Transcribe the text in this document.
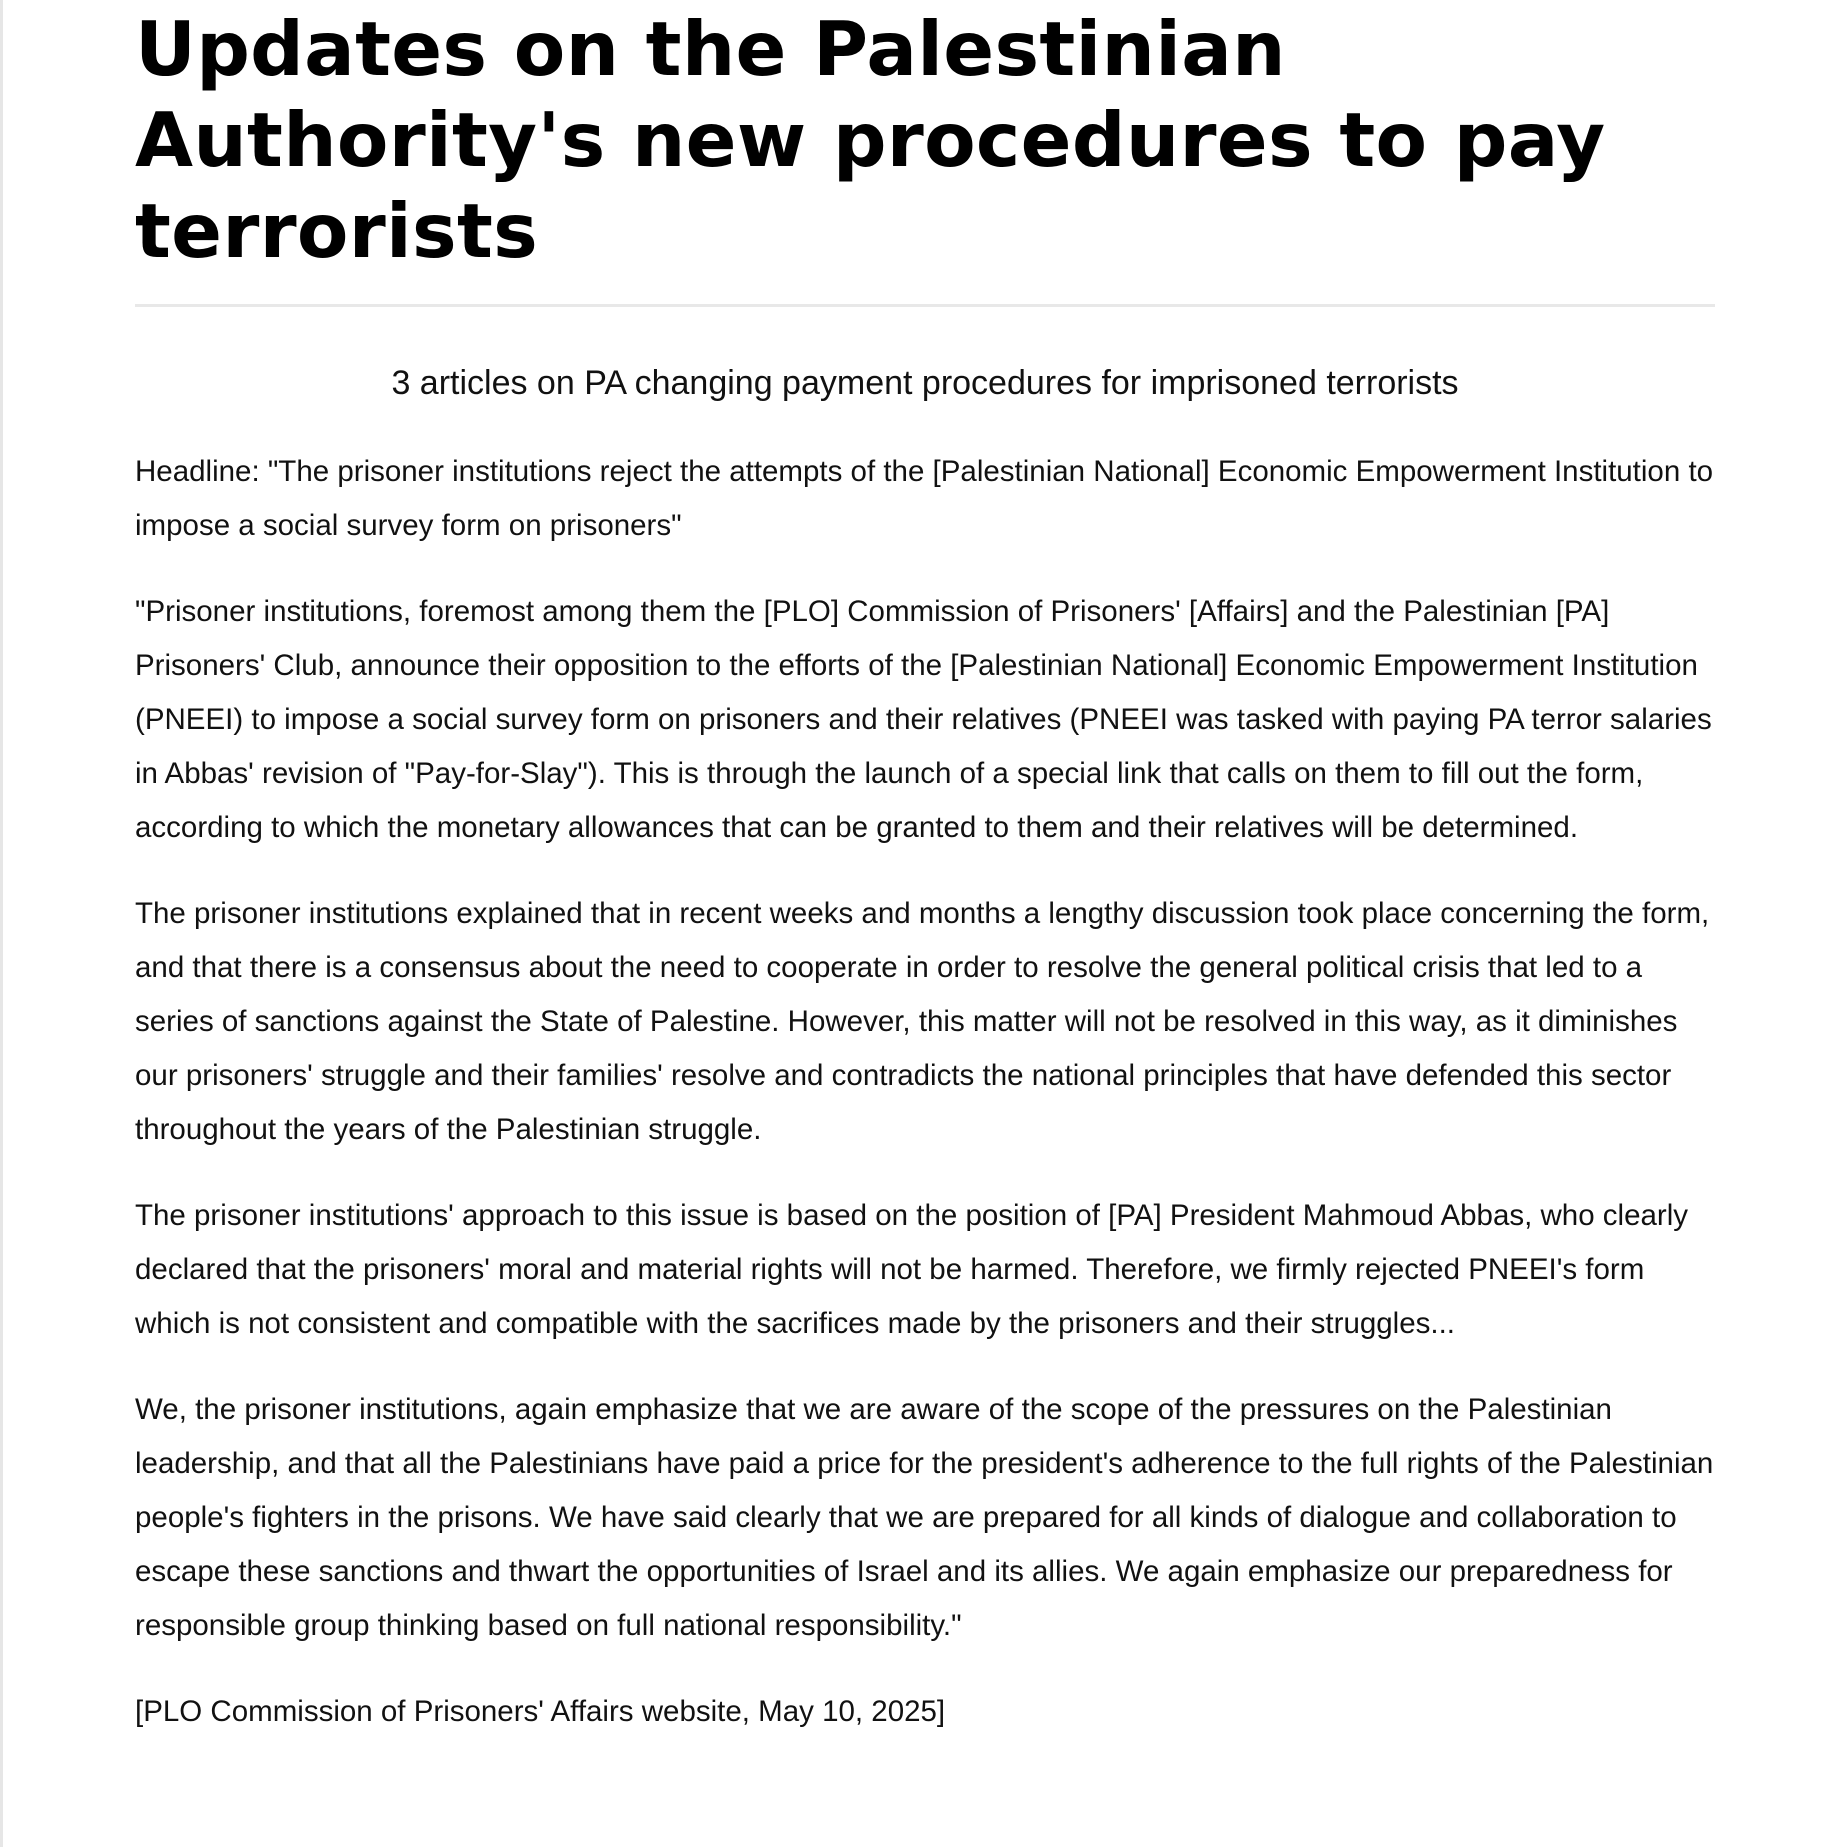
Updates on the Palestinian Authority's new procedures to pay terrorists

3 articles on PA changing payment procedures for imprisoned terrorists

Headline: "The prisoner institutions reject the attempts of the [Palestinian National] Economic Empowerment Institution to impose a social survey form on prisoners"

"Prisoner institutions, foremost among them the [PLO] Commission of Prisoners' [Affairs] and the Palestinian [PA] Prisoners' Club, announce their opposition to the efforts of the [Palestinian National] Economic Empowerment Institution (PNEEI) to impose a social survey form on prisoners and their relatives (PNEEI was tasked with paying PA terror salaries in Abbas' revision of "Pay-for-Slay"). This is through the launch of a special link that calls on them to fill out the form, according to which the monetary allowances that can be granted to them and their relatives will be determined.

The prisoner institutions explained that in recent weeks and months a lengthy discussion took place concerning the form, and that there is a consensus about the need to cooperate in order to resolve the general political crisis that led to a series of sanctions against the State of Palestine. However, this matter will not be resolved in this way, as it diminishes our prisoners' struggle and their families' resolve and contradicts the national principles that have defended this sector throughout the years of the Palestinian struggle.

The prisoner institutions' approach to this issue is based on the position of [PA] President Mahmoud Abbas, who clearly declared that the prisoners' moral and material rights will not be harmed. Therefore, we firmly rejected PNEEI's form which is not consistent and compatible with the sacrifices made by the prisoners and their struggles...

We, the prisoner institutions, again emphasize that we are aware of the scope of the pressures on the Palestinian leadership, and that all the Palestinians have paid a price for the president's adherence to the full rights of the Palestinian people's fighters in the prisons. We have said clearly that we are prepared for all kinds of dialogue and collaboration to escape these sanctions and thwart the opportunities of Israel and its allies. We again emphasize our preparedness for responsible group thinking based on full national responsibility."

[PLO Commission of Prisoners' Affairs website, May 10, 2025]
